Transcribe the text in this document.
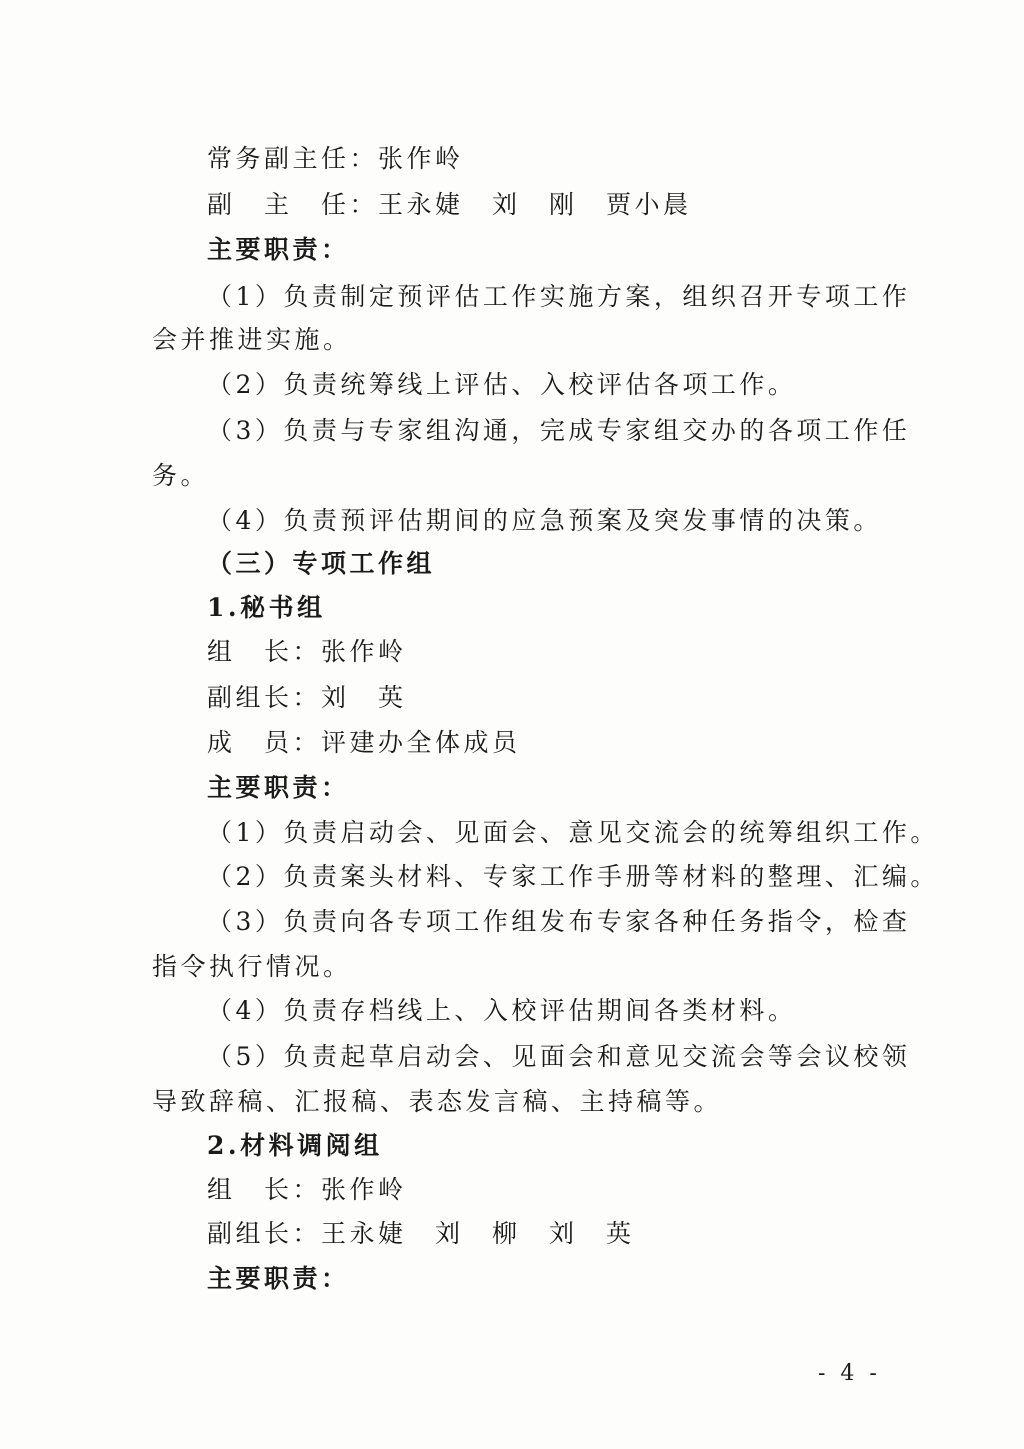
常务副主任：张作岭
副　主　任：王永婕　刘　刚　贾小晨
主要职责：
（1）负责制定预评估工作实施方案，组织召开专项工作
会并推进实施。
（2）负责统筹线上评估、入校评估各项工作。
（3）负责与专家组沟通，完成专家组交办的各项工作任
务。
（4）负责预评估期间的应急预案及突发事情的决策。
（三）专项工作组
1.秘书组
组　长：张作岭
副组长：刘　英
成　员：评建办全体成员
主要职责：
（1）负责启动会、见面会、意见交流会的统筹组织工作。
（2）负责案头材料、专家工作手册等材料的整理、汇编。
（3）负责向各专项工作组发布专家各种任务指令，检查
指令执行情况。
（4）负责存档线上、入校评估期间各类材料。
（5）负责起草启动会、见面会和意见交流会等会议校领
导致辞稿、汇报稿、表态发言稿、主持稿等。
2.材料调阅组
组　长：张作岭
副组长：王永婕　刘　柳　刘　英
主要职责：
- 4 -
